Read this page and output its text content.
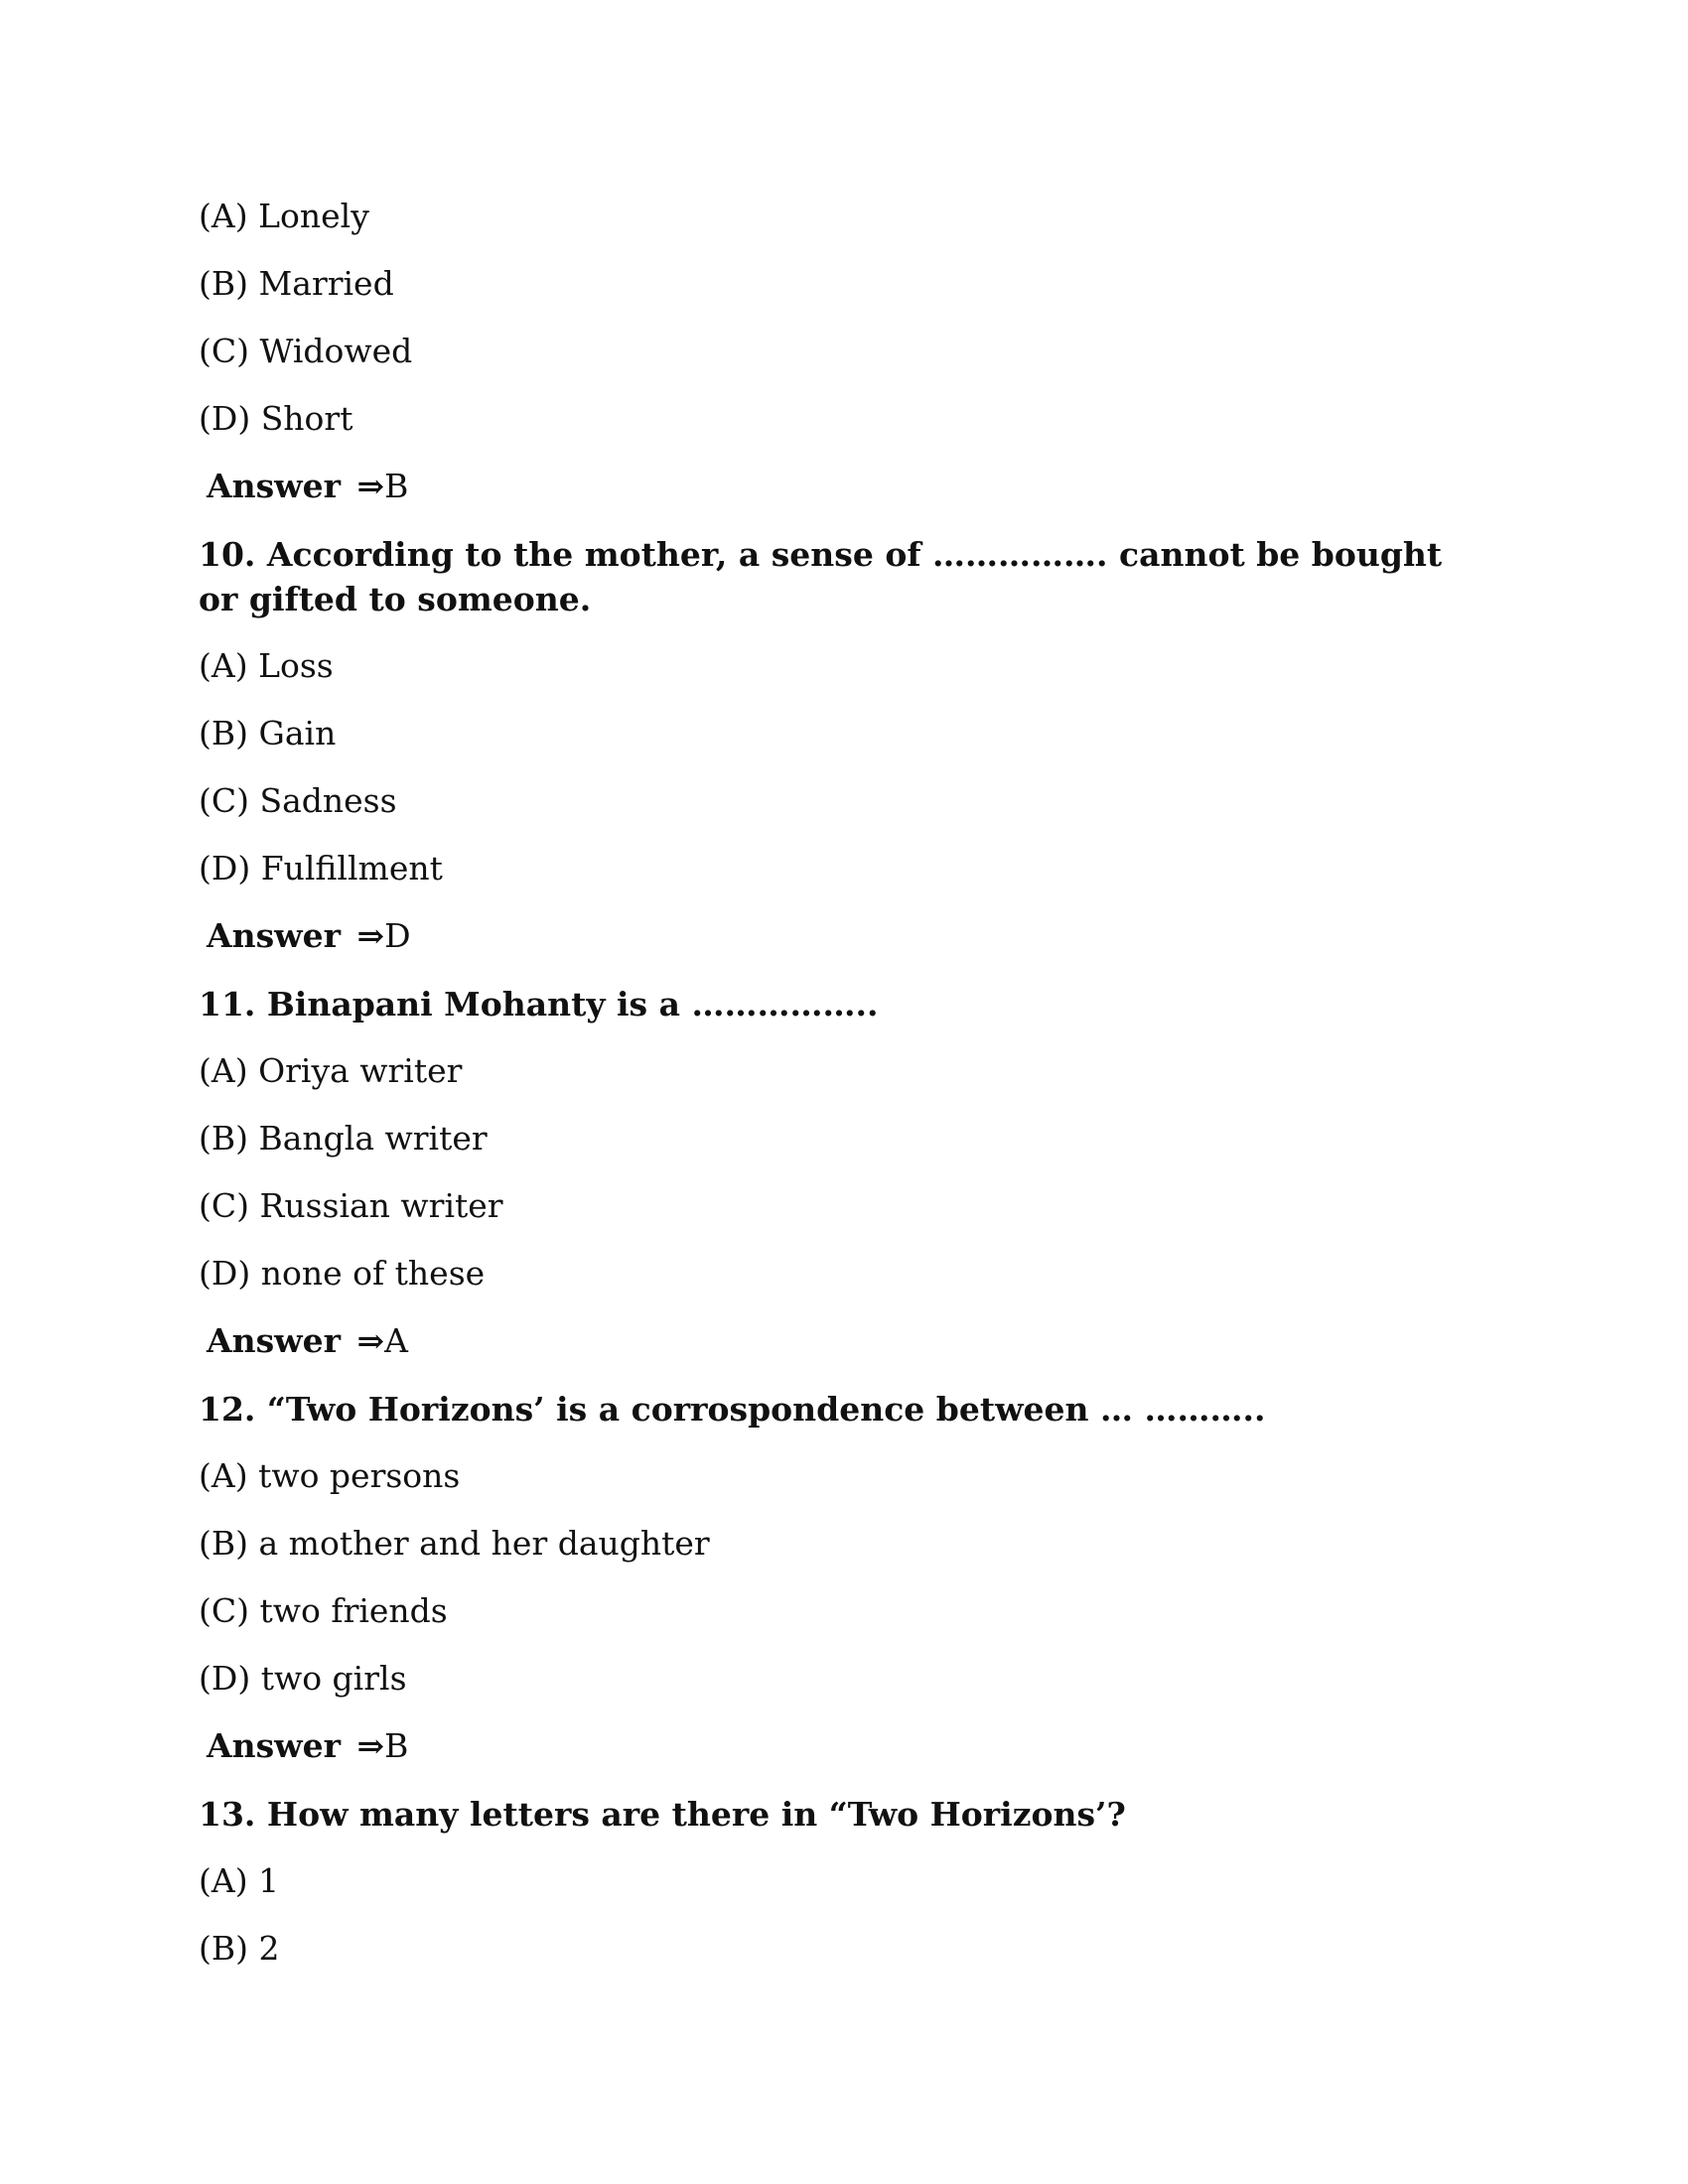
(A) Lonely

(B) Married

(C) Widowed

(D) Short

Answer ⇒B

10. According to the mother, a sense of ……………. cannot be bought or gifted to someone.

(A) Loss

(B) Gain

(C) Sadness

(D) Fulfillment

Answer ⇒D

11. Binapani Mohanty is a ……………..

(A) Oriya writer

(B) Bangla writer

(C) Russian writer

(D) none of these

Answer ⇒A

12. “Two Horizons’ is a corrospondence between … ………..

(A) two persons

(B) a mother and her daughter

(C) two friends

(D) two girls

Answer ⇒B

13. How many letters are there in “Two Horizons’?

(A) 1

(B) 2
